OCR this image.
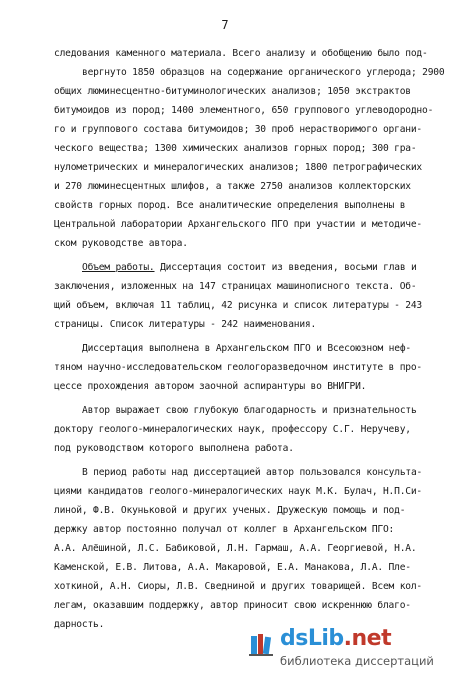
7
следования каменного материала. Всего анализу и обобщению было под-
вергнуто 1850 образцов на содержание органического углерода; 2900
общих люминесцентно-битуминологических анализов; 1050 экстрактов
битумоидов из пород; 1400 элементного, 650 группового углеводородно-
го и группового состава битумоидов; 30 проб нерастворимого органи-
ческого вещества; 1300 химических анализов горных пород; 300 гра-
нулометрических и минералогических анализов; 1800 петрографических
и 270 люминесцентных шлифов, а также 2750 анализов коллекторских
свойств горных пород. Все аналитические определения выполнены в
Центральной лаборатории Архангельского ПГО при участии и методиче-
ском руководстве автора.
Объем работы. Диссертация состоит из введения, восьми глав и
заключения, изложенных на 147 страницах машинописного текста. Об-
щий объем, включая 11 таблиц, 42 рисунка и список литературы - 243
страницы. Список литературы - 242 наименования.
Диссертация выполнена в Архангельском ПГО и Всесоюзном неф-
тяном научно-исследовательском геологоразведочном институте в про-
цессе прохождения автором заочной аспирантуры во ВНИГРИ.
Автор выражает свою глубокую благодарность и признательность
доктору геолого-минералогических наук, профессору С.Г. Неручеву,
под руководством которого выполнена работа.
В период работы над диссертацией автор пользовался консульта-
циями кандидатов геолого-минералогических наук М.К. Булач, Н.П.Си-
линой, Ф.В. Окуньковой и других ученых. Дружескую помощь и под-
держку автор постоянно получал от коллег в Архангельском ПГО:
А.А. Алёшиной, Л.С. Бабиковой, Л.Н. Гармаш, А.А. Георгиевой, Н.А.
Каменской, Е.В. Литова, А.А. Макаровой, Е.А. Манакова, Л.А. Пле-
хоткиной, А.Н. Сиоры, Л.В. Сведниной и других товарищей. Всем кол-
легам, оказавшим поддержку, автор приносит свою искреннюю благо-
дарность.
dsLib.net
библиотека диссертаций
